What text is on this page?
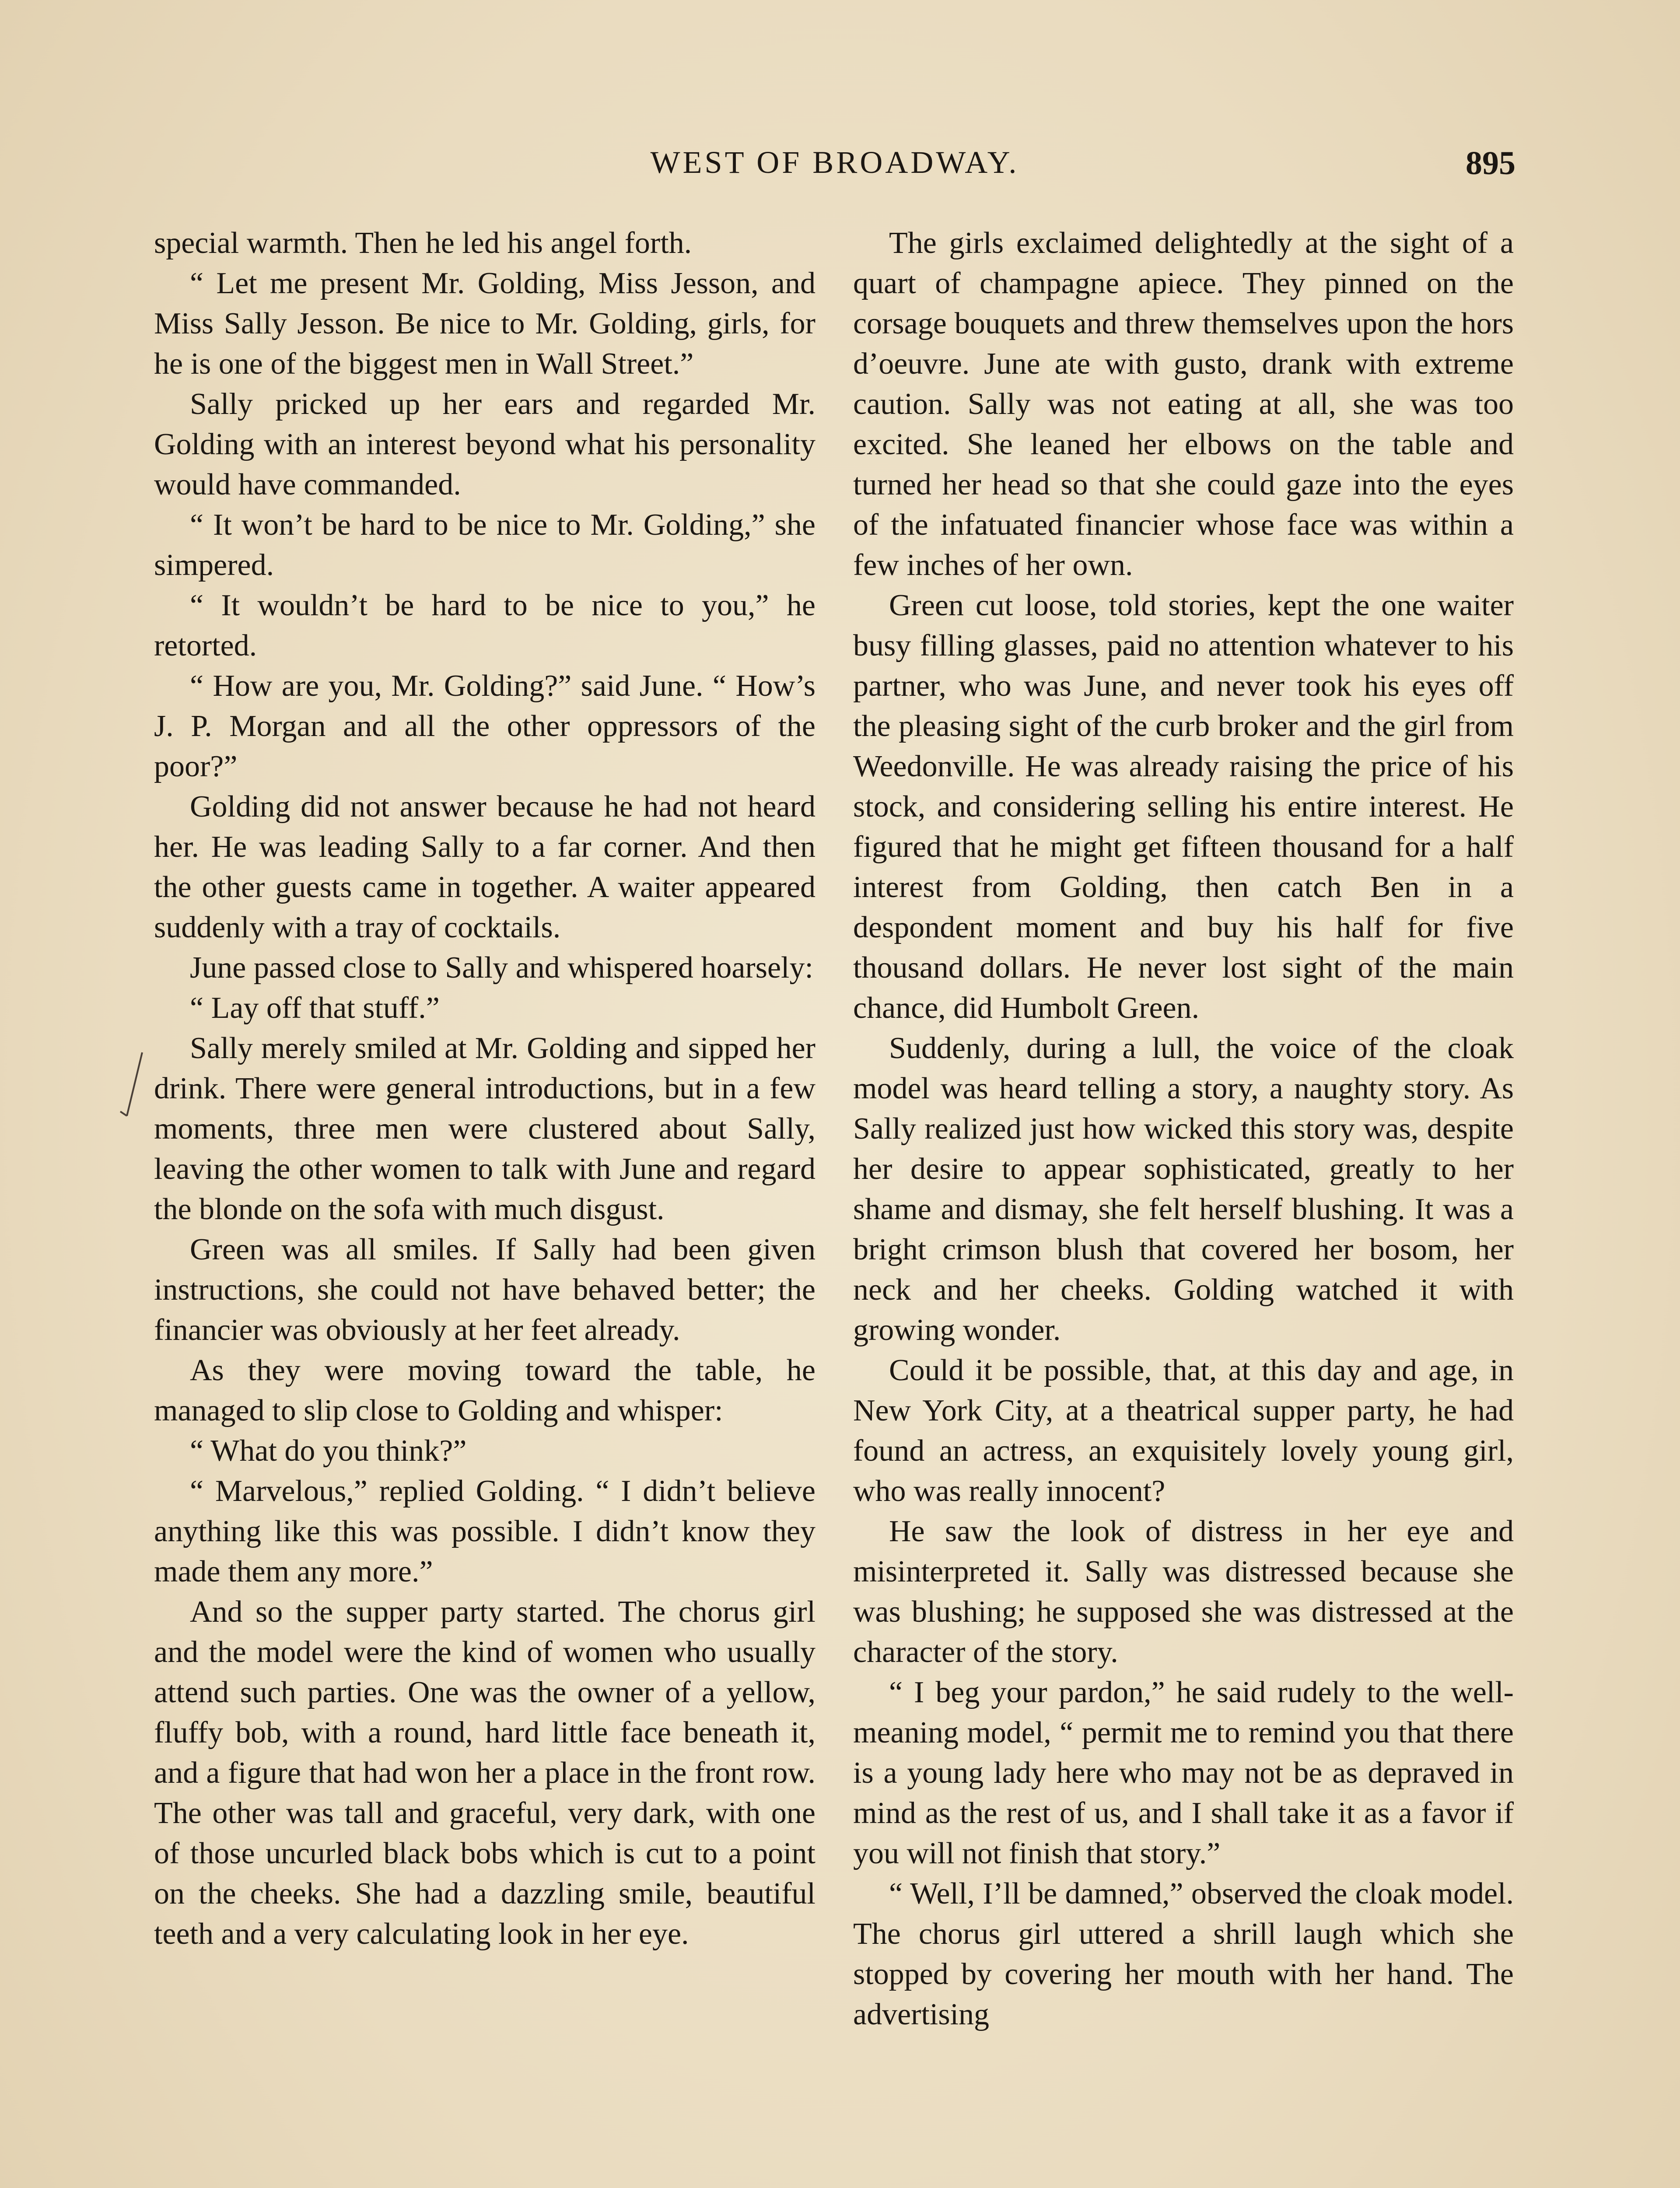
WEST OF BROADWAY.	895

special warmth. Then he led his angel forth.

“ Let me present Mr. Golding, Miss Jesson, and Miss Sally Jesson. Be nice to Mr. Golding, girls, for he is one of the biggest men in Wall Street.”

Sally pricked up her ears and regarded Mr. Golding with an interest beyond what his personality would have commanded.

“ It won’t be hard to be nice to Mr. Golding,” she simpered.

“ It wouldn’t be hard to be nice to you,” he retorted.

“ How are you, Mr. Golding?” said June. “ How’s J. P. Morgan and all the other oppressors of the poor?”

Golding did not answer because he had not heard her. He was leading Sally to a far corner. And then the other guests came in together. A waiter appeared suddenly with a tray of cocktails.

June passed close to Sally and whispered hoarsely:

“ Lay off that stuff.”

Sally merely smiled at Mr. Golding and sipped her drink. There were general introductions, but in a few moments, three men were clustered about Sally, leaving the other women to talk with June and regard the blonde on the sofa with much disgust.

Green was all smiles. If Sally had been given instructions, she could not have behaved better; the financier was obviously at her feet already.

As they were moving toward the table, he managed to slip close to Golding and whisper:

“ What do you think?”

“ Marvelous,” replied Golding. “ I didn’t believe anything like this was possible. I didn’t know they made them any more.”

And so the supper party started. The chorus girl and the model were the kind of women who usually attend such parties. One was the owner of a yellow, fluffy bob, with a round, hard little face beneath it, and a figure that had won her a place in the front row. The other was tall and graceful, very dark, with one of those uncurled black bobs which is cut to a point on the cheeks. She had a dazzling smile, beautiful teeth and a very calculating look in her eye.

The girls exclaimed delightedly at the sight of a quart of champagne apiece. They pinned on the corsage bouquets and threw themselves upon the hors d’oeuvre. June ate with gusto, drank with extreme caution. Sally was not eating at all, she was too excited. She leaned her elbows on the table and turned her head so that she could gaze into the eyes of the infatuated financier whose face was within a few inches of her own.

Green cut loose, told stories, kept the one waiter busy filling glasses, paid no attention whatever to his partner, who was June, and never took his eyes off the pleasing sight of the curb broker and the girl from Weedonville. He was already raising the price of his stock, and considering selling his entire interest. He figured that he might get fifteen thousand for a half interest from Golding, then catch Ben in a despondent moment and buy his half for five thousand dollars. He never lost sight of the main chance, did Humbolt Green.

Suddenly, during a lull, the voice of the cloak model was heard telling a story, a naughty story. As Sally realized just how wicked this story was, despite her desire to appear sophisticated, greatly to her shame and dismay, she felt herself blushing. It was a bright crimson blush that covered her bosom, her neck and her cheeks. Golding watched it with growing wonder.

Could it be possible, that, at this day and age, in New York City, at a theatrical supper party, he had found an actress, an exquisitely lovely young girl, who was really innocent?

He saw the look of distress in her eye and misinterpreted it. Sally was distressed because she was blushing; he supposed she was distressed at the character of the story.

“ I beg your pardon,” he said rudely to the well-meaning model, “ permit me to remind you that there is a young lady here who may not be as depraved in mind as the rest of us, and I shall take it as a favor if you will not finish that story.”

“ Well, I’ll be damned,” observed the cloak model. The chorus girl uttered a shrill laugh which she stopped by covering her mouth with her hand. The advertising
